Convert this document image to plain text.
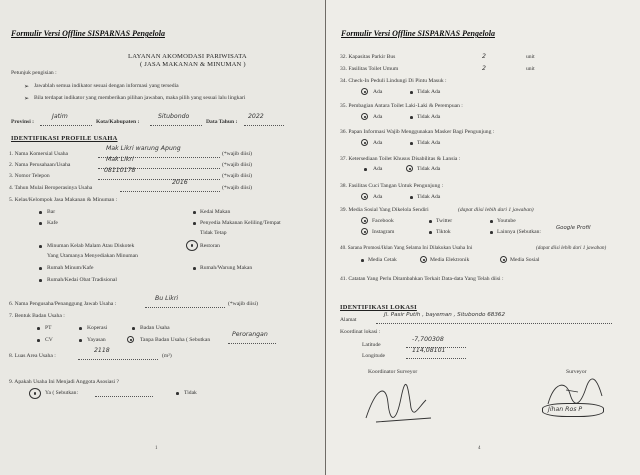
Formulir Versi Offline SISPARNAS Pengelola
LAYANAN AKOMODASI PARIWISATA
( JASA MAKANAN & MINUMAN )
Petunjuk pengisian :
➢ Jawablah semua indikator sesuai dengan informasi yang tersedia
➢ Bila terdapat indikator yang memberikan pilihan jawaban, maka pilih yang sesuai lalu lingkari
Provinsi :
Jatim
Kota/Kabupaten :
Situbondo
Data Tahun :
2022
IDENTIFIKASI PROFILE USAHA
1. Nama Komersial Usaha
Mak Likri warung Apung
(*wajib diisi)
2. Nama Perusahaan/Usaha
Mak Likri
(*wajib diisi)
3. Nomor Telepon
08110178
(*wajib diisi)
4. Tahun Mulai Beroperasinya Usaha
2016
(*wajib diisi)
5. Kelas/Kelompok Jasa Makanan & Minuman :
Bar
Kafe
Kedai Makan
Penyedia Makanan Keliling/Tempat
Tidak Tetap
Minuman Kelab Malam Atau Diskotek
Yang Utamanya Menyediakan Minuman
Restoran
Rumah Minum/Kafe	Rumah/Warung Makan
Rumah/Kedai Obat Tradisional
6. Nama Pengusaha/Penanggung Jawab Usaha :
Bu Likri
(*wajib diisi)
7. Bentuk Badan Usaha :
PT	Koperasi	Badan Usaha
CV	Yayasan	Tanpa Badan Usaha ( Sebutkan
Perorangan
8. Luas Area Usaha :
2118
(m²)
9. Apakah Usaha Ini Menjadi Anggota Asosiasi ?
Ya ( Sebutkan:	Tidak
1
Formulir Versi Offline SISPARNAS Pengelola
32. Kapasitas Parkir Bus	2	unit
33. Fasilitas Toilet Umum	2	unit
34. Check-In Peduli Lindungi Di Pintu Masuk :
Ada	Tidak Ada
35. Pembagian Antara Toilet Laki-Laki & Perempuan :
Ada	Tidak Ada
36. Papan Informasi Wajib Menggunakan Masker Bagi Pengunjung :
Ada	Tidak Ada
37. Ketersediaan Toilet Khusus Disabilitas & Lansia :
Ada	Tidak Ada
38. Fasilitas Cuci Tangan Untuk Pengunjung :
Ada	Tidak Ada
39. Media Sosial Yang Dikelola Sendiri	(dapat diisi lebih dari 1 jawaban)
Facebook	Twitter	Youtube
Instagram	Tiktok	Lainnya (Sebutkan:
Google Profil
40. Sarana Promosi/Iklan Yang Selama Ini Dilakukan Usaha Ini	(dapat diisi lebih dari 1 jawaban)
Media Cetak	Media Elektronik	Media Sosial
41. Catatan Yang Perlu Ditambahkan Terkait Data-data Yang Telah diisi :
IDENTIFIKASI LOKASI
Alamat
Jl. Pasir Putih , bayeman , Situbondo 68362
Koordinat lokasi :
Latitude
-7,700308
Longitude
114,08101
Koordinator Surveyor	Surveyor
Jihan Ros P
4
